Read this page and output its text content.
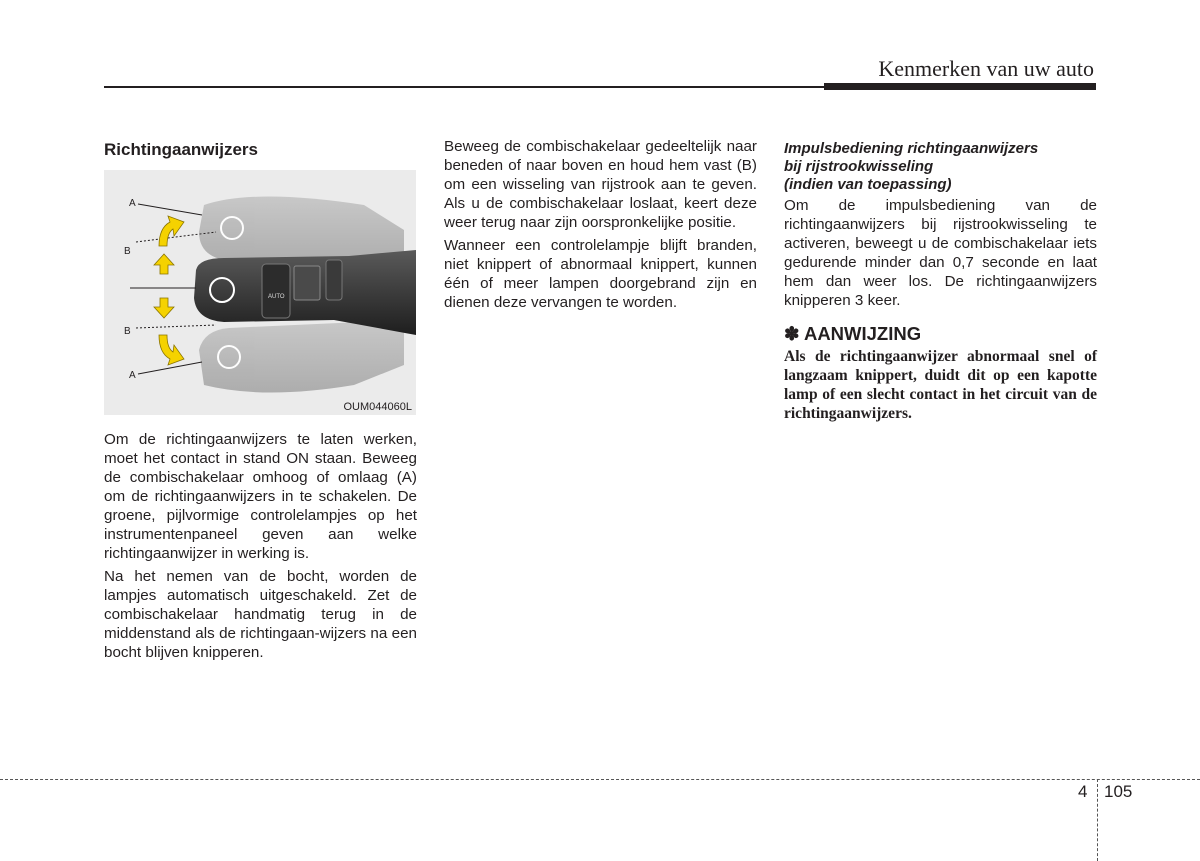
Kenmerken van uw auto
Richtingaanwijzers
AUTO
A
B
B
A
OUM044060L

Om de richtingaanwijzers te laten werken, moet het contact in stand ON staan. Beweeg de combischakelaar omhoog of omlaag (A) om de richtingaanwijzers in te schakelen. De groene, pijlvormige controlelampjes op het instrumentenpaneel geven aan welke richtingaanwijzer in werking is.

Na het nemen van de bocht, worden de lampjes automatisch uitgeschakeld. Zet de combischakelaar handmatig terug in de middenstand als de richtingaan-wijzers na een bocht blijven knipperen.

Beweeg de combischakelaar gedeeltelijk naar beneden of naar boven en houd hem vast (B) om een wisseling van rijstrook aan te geven. Als u de combischakelaar loslaat, keert deze weer terug naar zijn oorspronkelijke positie.

Wanneer een controlelampje blijft branden, niet knippert of abnormaal knippert, kunnen één of meer lampen doorgebrand zijn en dienen deze vervangen te worden.

Impulsbediening richtingaanwijzers
bij rijstrookwisseling
(indien van toepassing)

Om de impulsbediening van de richtingaanwijzers bij rijstrookwisseling te activeren, beweegt u de combischakelaar iets gedurende minder dan 0,7 seconde en laat hem dan weer los. De richtingaanwijzers knipperen 3 keer.

✽ AANWIJZING
Als de richtingaanwijzer abnormaal snel of langzaam knippert, duidt dit op een kapotte lamp of een slecht contact in het circuit van de richtingaanwijzers.
4 105
